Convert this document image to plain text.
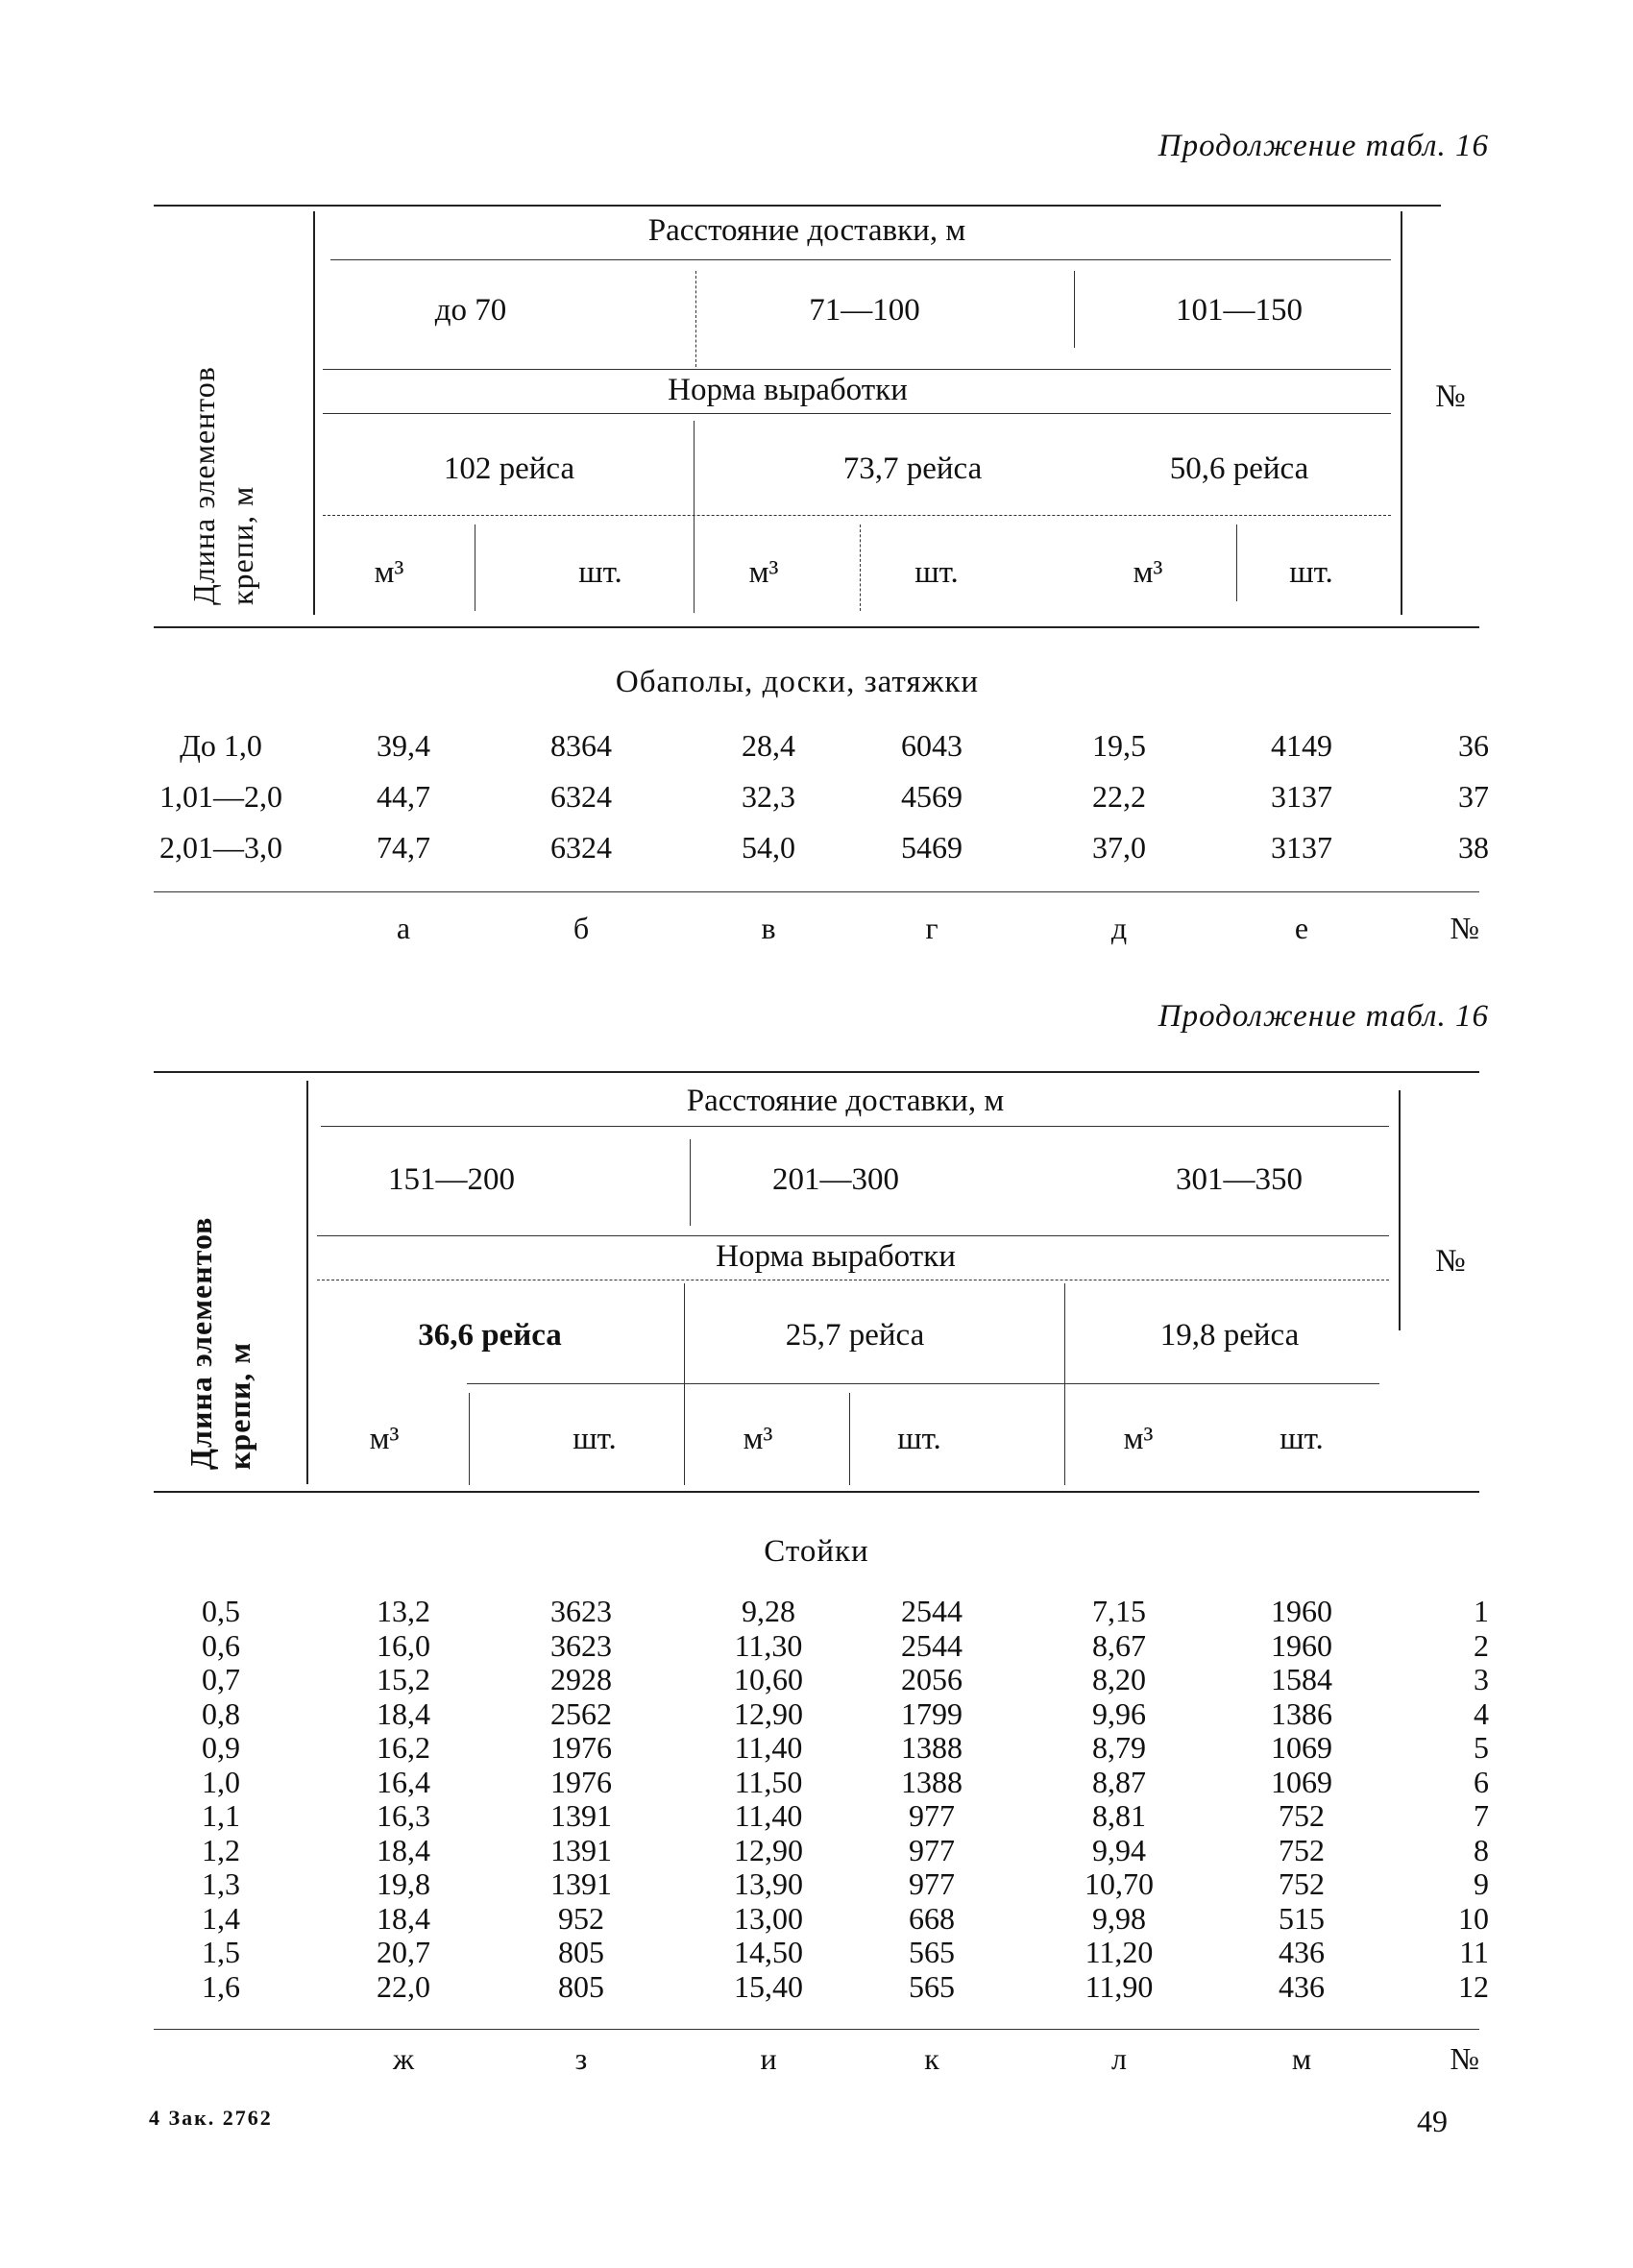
Продолжение табл. 16
Длина элементов крепи, м
Расстояние доставки, м
до 70	71—100	101—150
Норма выработки
102 рейса	73,7 рейса	50,6 рейса
м³	шт.	м³	шт.	м³	шт.
№
Обаполы, доски, затяжки
До 1,0	39,4	8364	28,4	6043	19,5	4149	36
1,01—2,0	44,7	6324	32,3	4569	22,2	3137	37
2,01—3,0	74,7	6324	54,0	5469	37,0	3137	38
а	б	в	г	д	е	№
Продолжение табл. 16
Длина элементов крепи, м
Расстояние доставки, м
151—200	201—300	301—350
Норма выработки
36,6 рейса	25,7 рейса	19,8 рейса
м³	шт.	м³	шт.	м³	шт.
№
Стойки
0,5	13,2	3623	9,28	2544	7,15	1960	1
0,6	16,0	3623	11,30	2544	8,67	1960	2
0,7	15,2	2928	10,60	2056	8,20	1584	3
0,8	18,4	2562	12,90	1799	9,96	1386	4
0,9	16,2	1976	11,40	1388	8,79	1069	5
1,0	16,4	1976	11,50	1388	8,87	1069	6
1,1	16,3	1391	11,40	977	8,81	752	7
1,2	18,4	1391	12,90	977	9,94	752	8
1,3	19,8	1391	13,90	977	10,70	752	9
1,4	18,4	952	13,00	668	9,98	515	10
1,5	20,7	805	14,50	565	11,20	436	11
1,6	22,0	805	15,40	565	11,90	436	12
ж	з	и	к	л	м	№
4 Зак. 2762	49
